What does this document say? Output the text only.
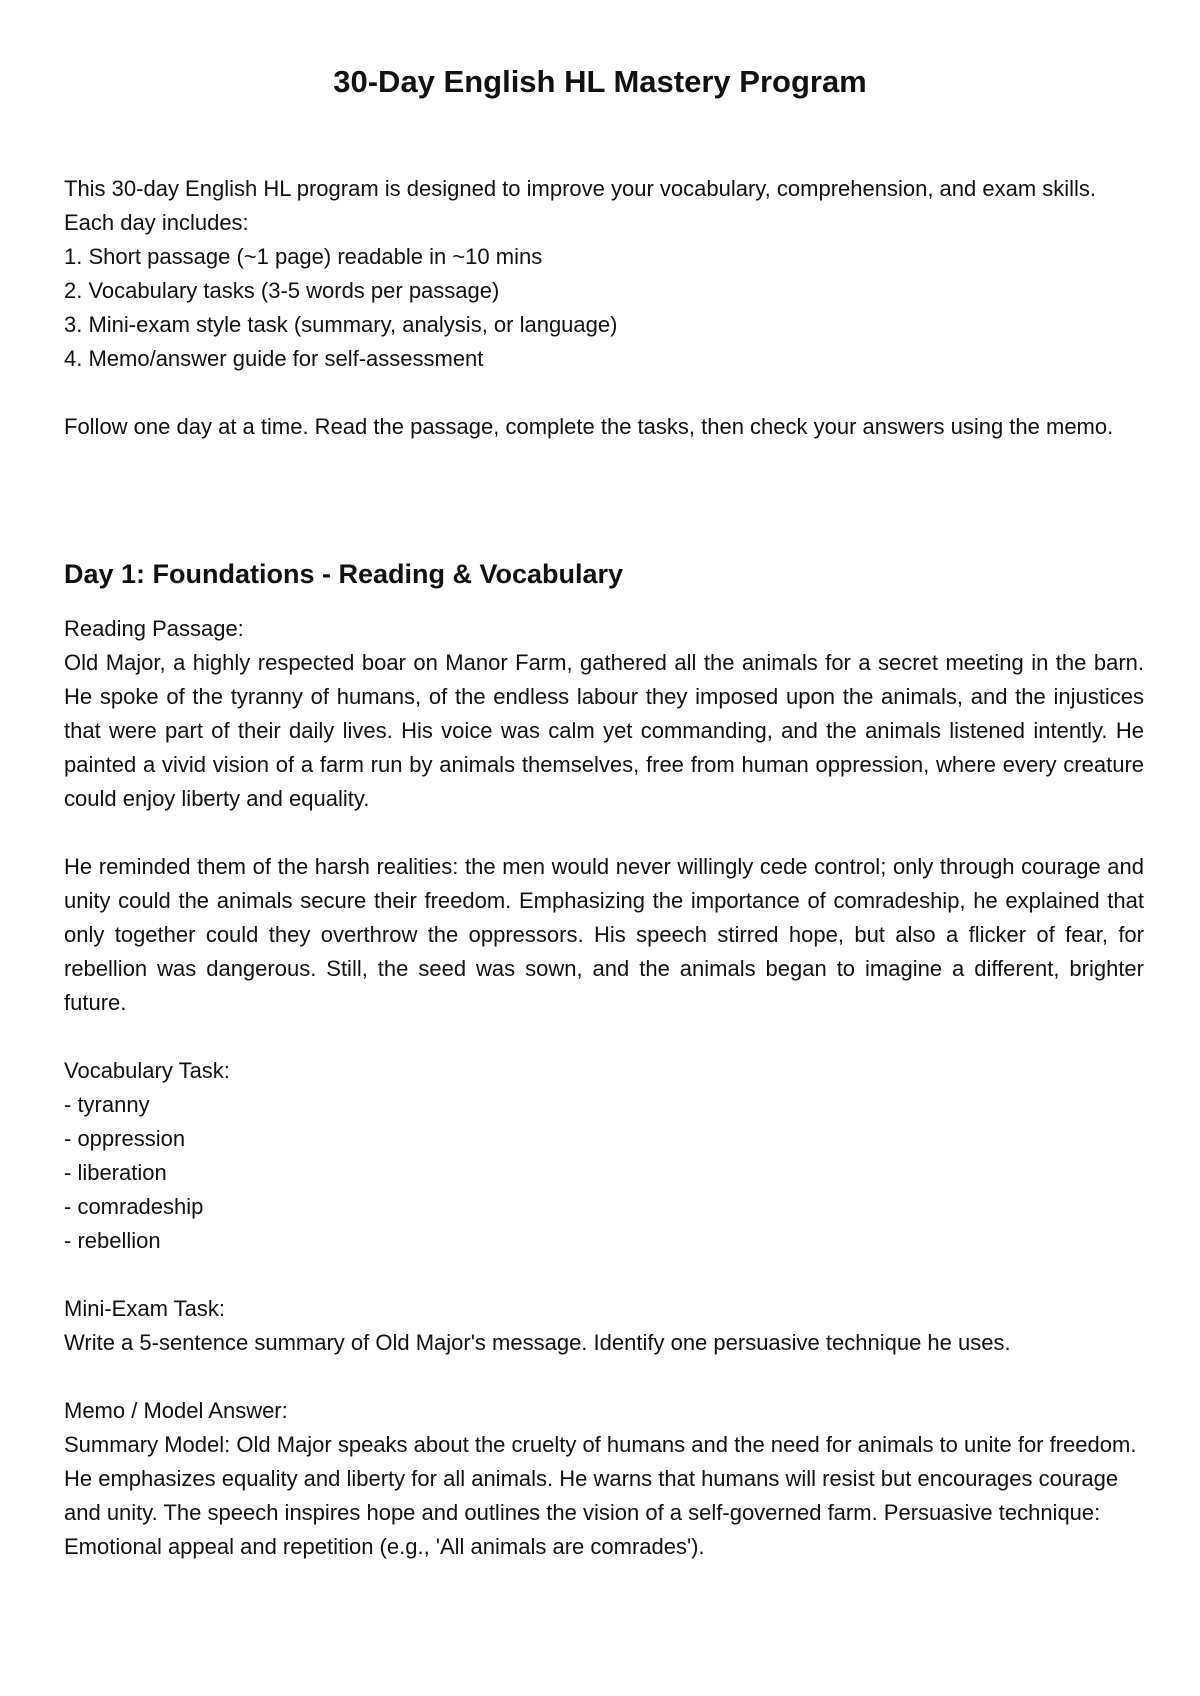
30-Day English HL Mastery Program

This 30-day English HL program is designed to improve your vocabulary, comprehension, and exam skills. Each day includes:

1. Short passage (~1 page) readable in ~10 mins
2. Vocabulary tasks (3-5 words per passage)
3. Mini-exam style task (summary, analysis, or language)
4. Memo/answer guide for self-assessment

Follow one day at a time. Read the passage, complete the tasks, then check your answers using the memo.

Day 1: Foundations - Reading & Vocabulary

Reading Passage:

Old Major, a highly respected boar on Manor Farm, gathered all the animals for a secret meeting in the barn. He spoke of the tyranny of humans, of the endless labour they imposed upon the animals, and the injustices that were part of their daily lives. His voice was calm yet commanding, and the animals listened intently. He painted a vivid vision of a farm run by animals themselves, free from human oppression, where every creature could enjoy liberty and equality.

He reminded them of the harsh realities: the men would never willingly cede control; only through courage and unity could the animals secure their freedom. Emphasizing the importance of comradeship, he explained that only together could they overthrow the oppressors. His speech stirred hope, but also a flicker of fear, for rebellion was dangerous. Still, the seed was sown, and the animals began to imagine a different, brighter future.

Vocabulary Task:

- tyranny
- oppression
- liberation
- comradeship
- rebellion

Mini-Exam Task:

Write a 5-sentence summary of Old Major's message. Identify one persuasive technique he uses.

Memo / Model Answer:

Summary Model: Old Major speaks about the cruelty of humans and the need for animals to unite for freedom. He emphasizes equality and liberty for all animals. He warns that humans will resist but encourages courage and unity. The speech inspires hope and outlines the vision of a self-governed farm. Persuasive technique: Emotional appeal and repetition (e.g., 'All animals are comrades').
